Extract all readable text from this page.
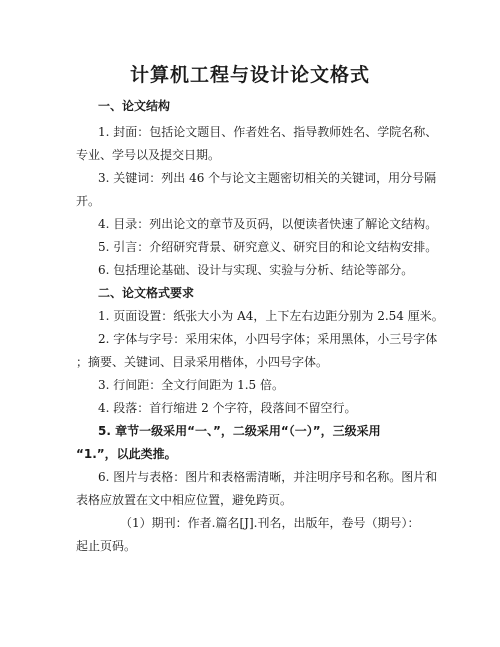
计算机工程与设计论文格式
一、论文结构
1. 封面：包括论文题目、作者姓名、指导教师姓名、学院名称、
专业、学号以及提交日期。
3. 关键词：列出 46 个与论文主题密切相关的关键词，用分号隔
开。
4. 目录：列出论文的章节及页码，以便读者快速了解论文结构。
5. 引言：介绍研究背景、研究意义、研究目的和论文结构安排。
6. 包括理论基础、设计与实现、实验与分析、结论等部分。
二、论文格式要求
1. 页面设置：纸张大小为 A4，上下左右边距分别为 2.54 厘米。
2. 字体与字号：采用宋体，小四号字体；采用黑体，小三号字体
；摘要、关键词、目录采用楷体，小四号字体。
3. 行间距：全文行间距为 1.5 倍。
4. 段落：首行缩进 2 个字符，段落间不留空行。
5. 章节一级采用“一、”，二级采用“（一）”，三级采用
“1.”，以此类推。
6. 图片与表格：图片和表格需清晰，并注明序号和名称。图片和
表格应放置在文中相应位置，避免跨页。
（1）期刊：作者.篇名[J].刊名，出版年，卷号（期号）：
起止页码。
